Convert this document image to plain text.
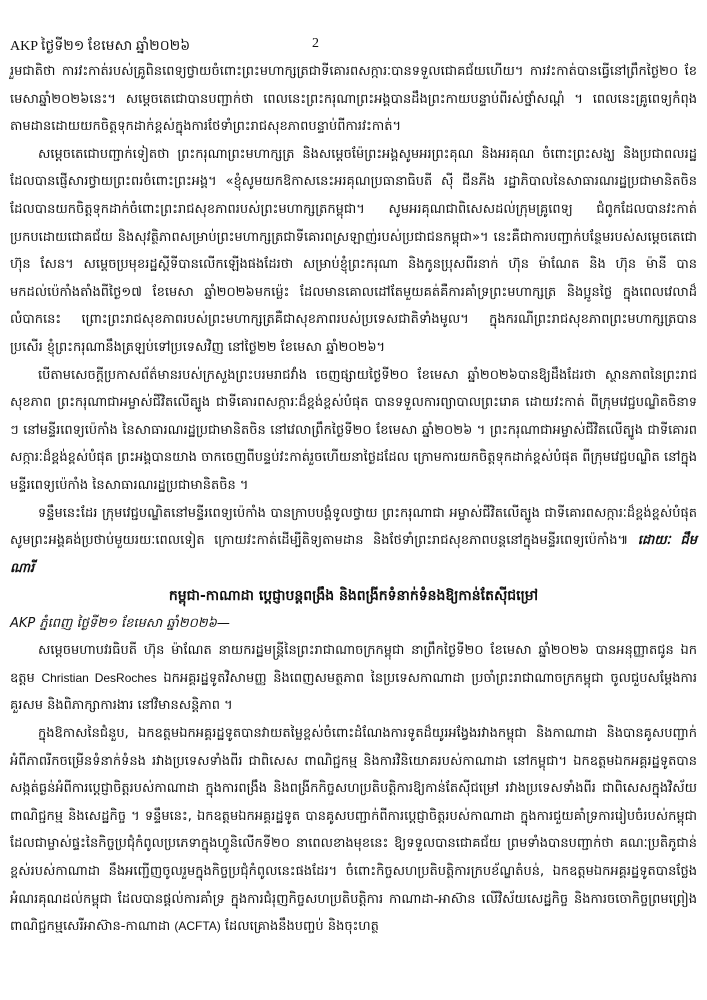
AKP ថ្ងៃទី២១ ខែមេសា ឆ្នាំ២០២៦	2

រួមជាតិថា ការវះកាត់របស់គ្រូពិនពេទ្យថ្វាយចំពោះព្រះមហាក្សត្រជាទីគោរពសក្ការៈបានទទួលជោគជ័យហើយ។ ការវះកាត់បានធ្វើនៅព្រឹកថ្ងៃ២០ ខែមេសាឆ្នាំ២០២៦នេះ។ សម្ដេចតេជោបានបញ្ជាក់ថា ពេលនេះព្រះករុណាព្រះអង្គបានដឹងព្រះកាយបន្ទាប់ពីរស់ថ្នាំសណ្ដំ ។ ពេលនេះគ្រូពេទ្យកំពុងតាមដានដោយយកចិត្តទុកដាក់ខ្ពស់ក្នុងការថែទាំព្រះរាជសុខភាពបន្ទាប់ពីការវះកាត់។

សម្ដេចតេជោបញ្ជាក់ទៀតថា ព្រះករុណាព្រះមហាក្សត្រ និងសម្ដេចម៉ែព្រះអង្គសូមអរព្រះគុណ និងអរគុណ ចំពោះព្រះសង្ឃ និងប្រជាពលរដ្ឋ ដែលបានផ្ញើសារថ្វាយព្រះពរចំពោះព្រះអង្គ។ «ខ្ញុំសូមយកឱកាសនេះអរគុណប្រធានាធិបតី ស៊ី ជីនភីង រដ្ឋាភិបាលនៃសាធារណរដ្ឋប្រជាមានិតចិន ដែលបានយកចិត្តទុកដាក់ចំពោះព្រះរាជសុខភាពរបស់ព្រះមហាក្សត្រកម្ពុជា។ សូមអរគុណជាពិសេសដល់ក្រុមគ្រូពេទ្យ ជំពូកដែលបានវះកាត់ប្រកបដោយជោគជ័យ និងសុវត្ថិភាពសម្រាប់ព្រះមហាក្សត្រជាទីគោរពស្រឡាញ់របស់ប្រជាជនកម្ពុជា»។ នេះគឺជាការបញ្ជាក់បន្ថែមរបស់សម្ដេចតេជោ ហ៊ុន សែន។ សម្ដេចប្រមុខរដ្ឋស្ដីទីបានលើកឡើងផងដែរថា សម្រាប់ខ្ញុំព្រះករុណា និងកូនប្រុសពីរនាក់ ហ៊ុន ម៉ាណែត និង ហ៊ុន ម៉ានី បានមកដល់ប៉េកាំងតាំងពីថ្ងៃ១៧ ខែមេសា ឆ្នាំ២០២៦មកម្ល៉េះ ដែលមានគោលដៅតែមួយគត់គឺការគាំទ្រព្រះមហាក្សត្រ និងប្អូនថ្លៃ ក្នុងពេលវេលាដ៏លំបាកនេះ ព្រោះព្រះរាជសុខភាពរបស់ព្រះមហាក្សត្រគឺជាសុខភាពរបស់ប្រទេសជាតិទាំងមូល។ ក្នុងករណីព្រះរាជសុខភាពព្រះមហាក្សត្របានប្រសើរ ខ្ញុំព្រះករុណានឹងត្រឡប់ទៅប្រទេសវិញ នៅថ្ងៃ២២ ខែមេសា ឆ្នាំ២០២៦។

បើតាមសេចក្ដីប្រកាសព័ត៌មានរបស់ក្រសួងព្រះបរមរាជវាំង ចេញផ្សាយថ្ងៃទី២០ ខែមេសា ឆ្នាំ២០២៦បានឱ្យដឹងដែរថា ស្ថានភាពនៃព្រះរាជសុខភាព ព្រះករុណាជាអម្ចាស់ជីវិតលើត្បូង ជាទីគោរពសក្ការៈដ៏ខ្ពង់ខ្ពស់បំផុត បានទទួលការព្យាបាលព្រះរោគ ដោយវះកាត់ ពីក្រុមវេជ្ជបណ្ឌិតចិនាទ ៗ នៅមន្ទីរពេទ្យប៉េកាំង នៃសាធារណរដ្ឋប្រជាមានិតចិន នៅវេលាព្រឹកថ្ងៃទី២០ ខែមេសា ឆ្នាំ២០២៦ ។ ព្រះករុណាជាអម្ចាស់ជីវិតលើត្បូង ជាទីគោរពសក្ការៈដ៏ខ្ពង់ខ្ពស់បំផុត ព្រះអង្គបានយាង ចាកចេញពីបន្ទប់វះកាត់រួចហើយនាថ្ងៃដដែល ក្រោមការយកចិត្តទុកដាក់ខ្ពស់បំផុត ពីក្រុមវេជ្ជបណ្ឌិត នៅក្នុងមន្ទីរពេទ្យប៉េកាំង នៃសាធារណរដ្ឋប្រជាមានិតចិន ។

ទន្ទឹមនេះដែរ ក្រុមវេជ្ជបណ្ឌិតនៅមន្ទីរពេទ្យប៉េកាំង បានក្រាបបង្គំទូលថ្វាយ ព្រះករុណាជា អម្ចាស់ជីវិតលើត្បូង ជាទីគោរពសក្ការៈដ៏ខ្ពង់ខ្ពស់បំផុត សូមព្រះអង្គគង់ប្រថាប់មួយរយៈពេលទៀត ក្រោយវះកាត់ដើម្បីតិទ្យតាមដាន និងថែទាំព្រះរាជសុខភាពបន្តនៅក្នុងមន្ទីរពេទ្យប៉េកាំង៕ ដោយៈ ជឹម ណារី

កម្ពុជា-កាណាដា ប្ដេជ្ញាបន្តពង្រឹង និងពង្រីកទំនាក់ទំនងឱ្យកាន់តែស៊ីជម្រៅ

AKP ភ្នំពេញ ថ្ងៃទី២១ ខែមេសា ឆ្នាំ២០២៦—

សម្ដេចមហាបវរធិបតី ហ៊ុន ម៉ាណែត នាយករដ្ឋមន្ត្រីនៃព្រះរាជាណាចក្រកម្ពុជា នាព្រឹកថ្ងៃទី២០ ខែមេសា ឆ្នាំ២០២៦ បានអនុញ្ញាតជូន ឯកឧត្តម Christian DesRoches ឯកអគ្គរដ្ឋទូតវិសាមញ្ញ និងពេញសមត្ថភាព នៃប្រទេសកាណាដា ប្រចាំព្រះរាជាណាចក្រកម្ពុជា ចូលជួបសម្ដែងការគួរសម និងពិភាក្សាការងារ នៅវិមានសន្តិភាព ។

ក្នុងឱកាសនៃជំនួប, ឯកឧត្តមឯកអគ្គរដ្ឋទូតបានវាយតម្លៃខ្ពស់ចំពោះដំណែងការទូតដ៏យូរអង្វែងរវាងកម្ពុជា និងកាណាដា និងបានគូសបញ្ជាក់អំពីភាពរីកចម្រើនទំនាក់ទំនង រវាងប្រទេសទាំងពីរ ជាពិសេស ពាណិជ្ជកម្ម និងការវិនិយោគរបស់កាណាដា នៅកម្ពុជា។ ឯកឧត្តមឯកអគ្គរដ្ឋទូតបានសង្កត់ធ្ងន់អំពីការប្ដេជ្ញាចិត្តរបស់កាណាដា ក្នុងការពង្រឹង និងពង្រីកកិច្ចសហប្រតិបត្តិការឱ្យកាន់តែស៊ីជម្រៅ រវាងប្រទេសទាំងពីរ ជាពិសេសក្នុងវិស័យពាណិជ្ជកម្ម និងសេដ្ឋកិច្ច ។ ទន្ទឹមនេះ, ឯកឧត្តមឯកអគ្គរដ្ឋទូត បានគូសបញ្ជាក់ពីការប្ដេជ្ញាចិត្តរបស់កាណាដា ក្នុងការជួយគាំទ្រការរៀបចំរបស់កម្ពុជា ដែលជាម្ចាស់ផ្ទះនៃកិច្ចប្រជុំកំពូលប្រភេទាក្នុងហ្វូនិលើកទី២០ នាពេលខាងមុខនេះ ឱ្យទទួលបានជោគជ័យ ព្រមទាំងបានបញ្ជាក់ថា គណៈប្រតិភូជាន់ខ្ពស់របស់កាណាដា នឹងអញ្ជើញចូលរួមក្នុងកិច្ចប្រជុំកំពូលនេះផងដែរ។ ចំពោះកិច្ចសហប្រតិបត្តិការក្របខ័ណ្ឌតំបន់, ឯកឧត្តមឯកអគ្គរដ្ឋទូតបានថ្លែងអំណរគុណដល់កម្ពុជា ដែលបានផ្ដល់ការគាំទ្រ ក្នុងការជំរុញកិច្ចសហប្រតិបត្តិការ កាណាដា-អាស៊ាន លើវិស័យសេដ្ឋកិច្ច និងការចចោកិច្ចព្រមព្រៀងពាណិជ្ជកម្មសេរីអាស៊ាន-កាណាដា (ACFTA) ដែលគ្រោងនឹងបញ្ចប់ និងចុះហត្ថ
